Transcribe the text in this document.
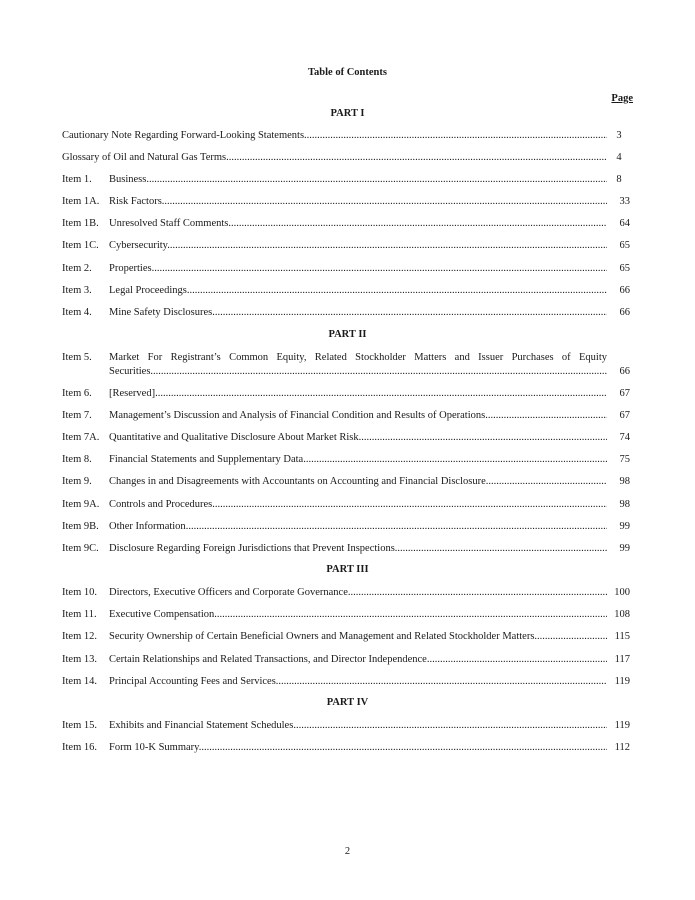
Table of Contents
Page
PART I
Cautionary Note Regarding Forward-Looking Statements .....	3
Glossary of Oil and Natural Gas Terms .....	4
Item 1. Business .....	8
Item 1A. Risk Factors .....	33
Item 1B. Unresolved Staff Comments .....	64
Item 1C. Cybersecurity .....	65
Item 2. Properties .....	65
Item 3. Legal Proceedings .....	66
Item 4. Mine Safety Disclosures .....	66
PART II
Item 5. Market For Registrant’s Common Equity, Related Stockholder Matters and Issuer Purchases of Equity
Securities .....	66
Item 6. [Reserved] .....	67
Item 7. Management’s Discussion and Analysis of Financial Condition and Results of Operations .....	67
Item 7A. Quantitative and Qualitative Disclosure About Market Risk .....	74
Item 8. Financial Statements and Supplementary Data .....	75
Item 9. Changes in and Disagreements with Accountants on Accounting and Financial Disclosure .....	98
Item 9A. Controls and Procedures .....	98
Item 9B. Other Information .....	99
Item 9C. Disclosure Regarding Foreign Jurisdictions that Prevent Inspections .....	99
PART III
Item 10. Directors, Executive Officers and Corporate Governance .....	100
Item 11. Executive Compensation .....	108
Item 12. Security Ownership of Certain Beneficial Owners and Management and Related Stockholder Matters .....	115
Item 13. Certain Relationships and Related Transactions, and Director Independence .....	117
Item 14. Principal Accounting Fees and Services .....	119
PART IV
Item 15. Exhibits and Financial Statement Schedules .....	119
Item 16. Form 10-K Summary .....	112
2
